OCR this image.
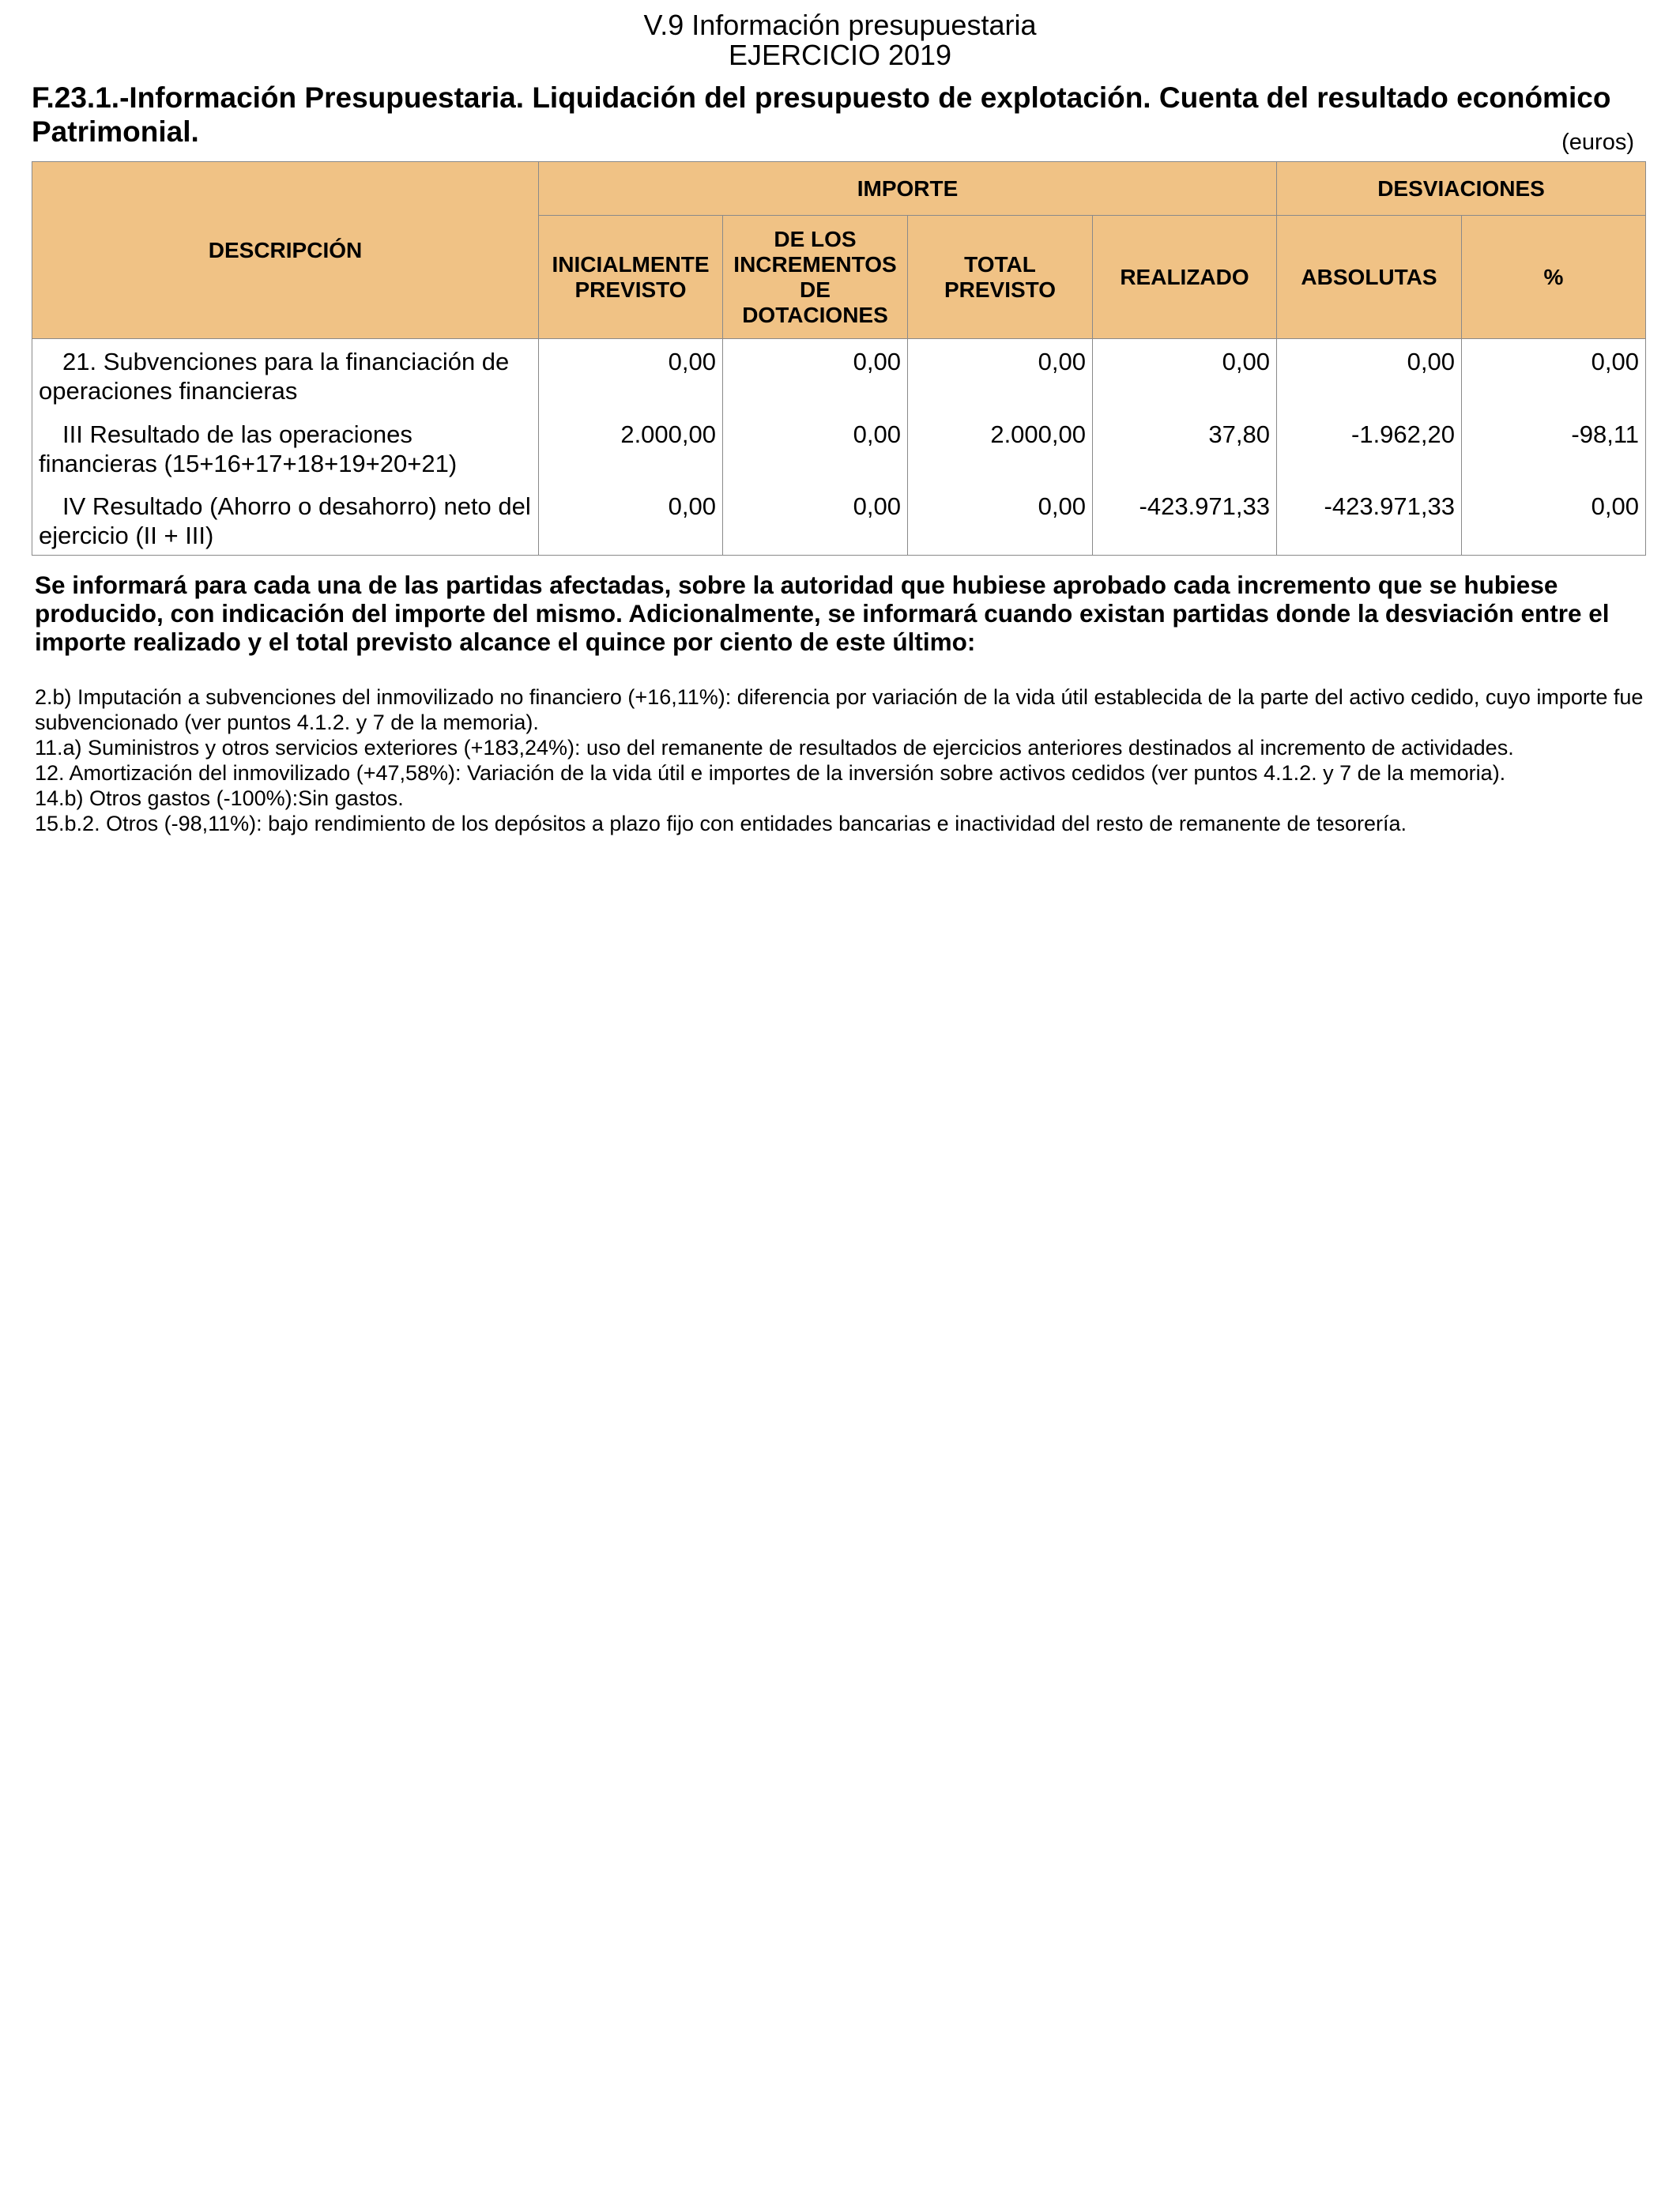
V.9 Información presupuestaria
EJERCICIO 2019
F.23.1.-Información Presupuestaria. Liquidación del presupuesto de explotación. Cuenta del resultado económico Patrimonial.	(euros)
DESCRIPCIÓN	IMPORTE				DESVIACIONES	
	INICIALMENTE PREVISTO	DE LOS INCREMENTOS DE DOTACIONES	TOTAL PREVISTO	REALIZADO	ABSOLUTAS	%
21. Subvenciones para la financiación de operaciones financieras	0,00	0,00	0,00	0,00	0,00	0,00
III Resultado de las operaciones financieras (15+16+17+18+19+20+21)	2.000,00	0,00	2.000,00	37,80	-1.962,20	-98,11
IV Resultado (Ahorro o desahorro) neto del ejercicio (II + III)	0,00	0,00	0,00	-423.971,33	-423.971,33	0,00
Se informará para cada una de las partidas afectadas, sobre la autoridad que hubiese aprobado cada incremento que se hubiese producido, con indicación del importe del mismo. Adicionalmente, se informará cuando existan partidas donde la desviación entre el importe realizado y el total previsto alcance el quince por ciento de este último:
2.b) Imputación a subvenciones del inmovilizado no financiero (+16,11%): diferencia por variación de la vida útil establecida de la parte del activo cedido, cuyo importe fue subvencionado (ver puntos 4.1.2. y 7 de la memoria).
11.a) Suministros y otros servicios exteriores (+183,24%): uso del remanente de resultados de ejercicios anteriores destinados al incremento de actividades.
12. Amortización del inmovilizado (+47,58%): Variación de la vida útil e importes de la inversión sobre activos cedidos (ver puntos 4.1.2. y 7 de la memoria).
14.b) Otros gastos (-100%):Sin gastos.
15.b.2. Otros (-98,11%): bajo rendimiento de los depósitos a plazo fijo con entidades bancarias e inactividad del resto de remanente de tesorería.
